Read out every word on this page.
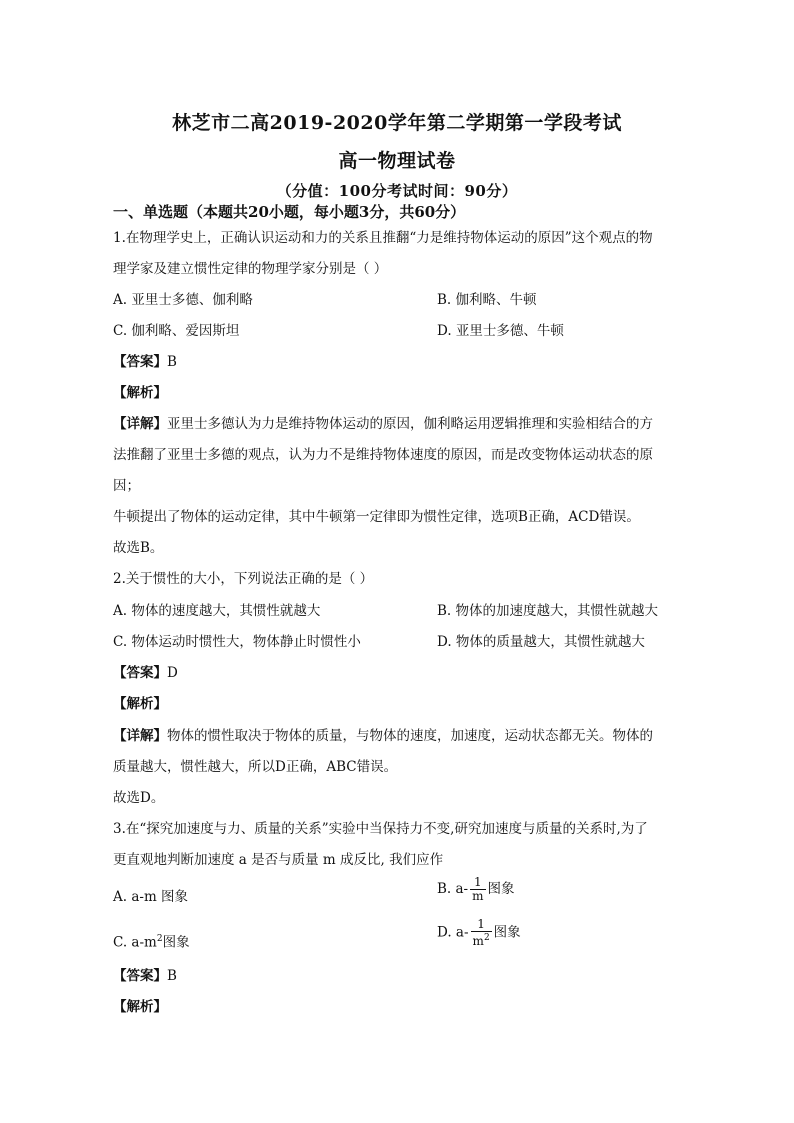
林芝市二高2019-2020学年第二学期第一学段考试
高一物理试卷
（分值：100分考试时间：90分）
一、单选题（本题共20小题，每小题3分，共60分）
1.在物理学史上，正确认识运动和力的关系且推翻“力是维持物体运动的原因”这个观点的物
理学家及建立惯性定律的物理学家分别是（ ）
A. 亚里士多德、伽利略	B. 伽利略、牛顿
C. 伽利略、爱因斯坦	D. 亚里士多德、牛顿
【答案】B
【解析】
【详解】亚里士多德认为力是维持物体运动的原因，伽利略运用逻辑推理和实验相结合的方
法推翻了亚里士多德的观点，认为力不是维持物体速度的原因，而是改变物体运动状态的原
因；
牛顿提出了物体的运动定律，其中牛顿第一定律即为惯性定律，选项B正确，ACD错误。
故选B。
2.关于惯性的大小，下列说法正确的是（ ）
A. 物体的速度越大，其惯性就越大	B. 物体的加速度越大，其惯性就越大
C. 物体运动时惯性大，物体静止时惯性小	D. 物体的质量越大，其惯性就越大
【答案】D
【解析】
【详解】物体的惯性取决于物体的质量，与物体的速度，加速度，运动状态都无关。物体的
质量越大，惯性越大，所以D正确，ABC错误。
故选D。
3.在“探究加速度与力、质量的关系”实验中当保持力不变,研究加速度与质量的关系时,为了
更直观地判断加速度 a 是否与质量 m 成反比, 我们应作
A. a-m 图象	B. $a- \frac{1}{m}$ 图象
C. $a-m^2$图象
D. $a- \frac{1}{m^2}$ 图象
【答案】B
【解析】
